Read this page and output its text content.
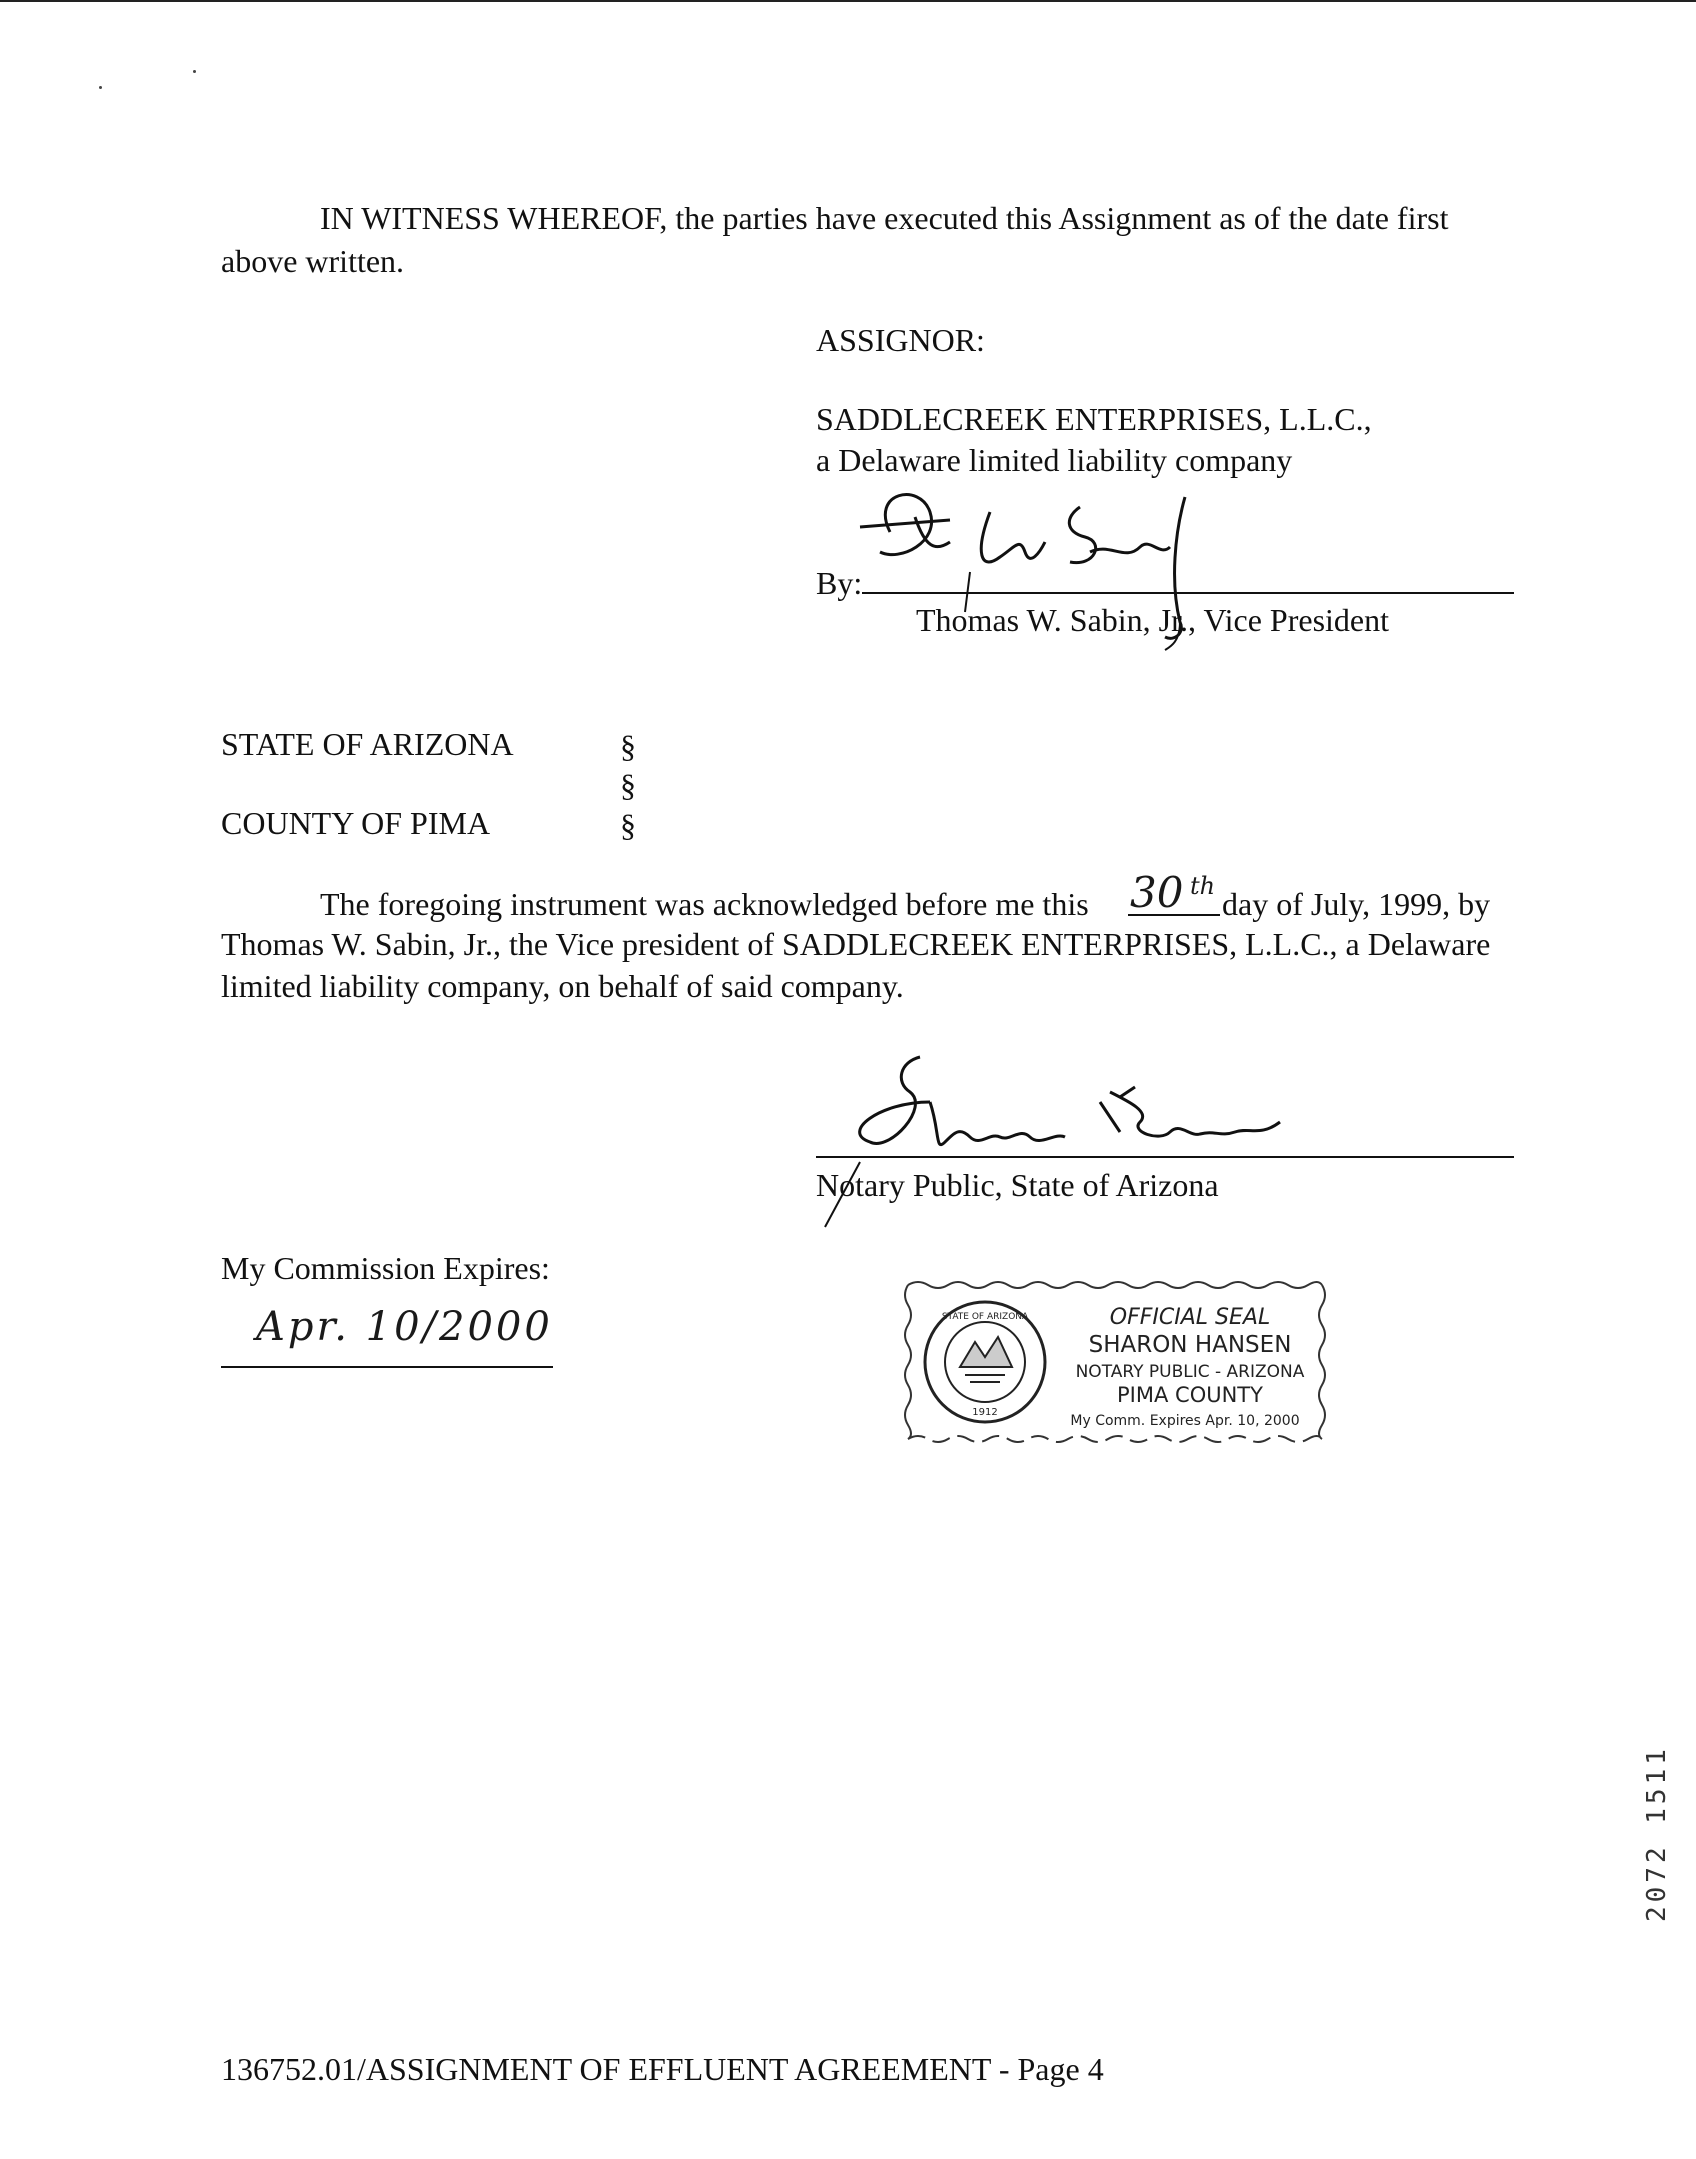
IN WITNESS WHEREOF, the parties have executed this Assignment as of the date first
above written.
ASSIGNOR:
SADDLECREEK ENTERPRISES, L.L.C.,
a Delaware limited liability company
By:
Thomas W. Sabin, Jr., Vice President
STATE OF ARIZONA	§
§
COUNTY OF PIMA	§
The foregoing instrument was acknowledged before me this 30 th day of July, 1999, by
Thomas W. Sabin, Jr., the Vice president of SADDLECREEK ENTERPRISES, L.L.C., a Delaware
limited liability company, on behalf of said company.
Notary Public, State of Arizona
My Commission Expires:
Apr. 10/2000	STATE OF ARIZONA
1912
OFFICIAL SEAL
SHARON HANSEN
NOTARY PUBLIC - ARIZONA
PIMA COUNTY
My Comm. Expires Apr. 10, 2000
2072 1511
136752.01/ASSIGNMENT OF EFFLUENT AGREEMENT - Page 4
